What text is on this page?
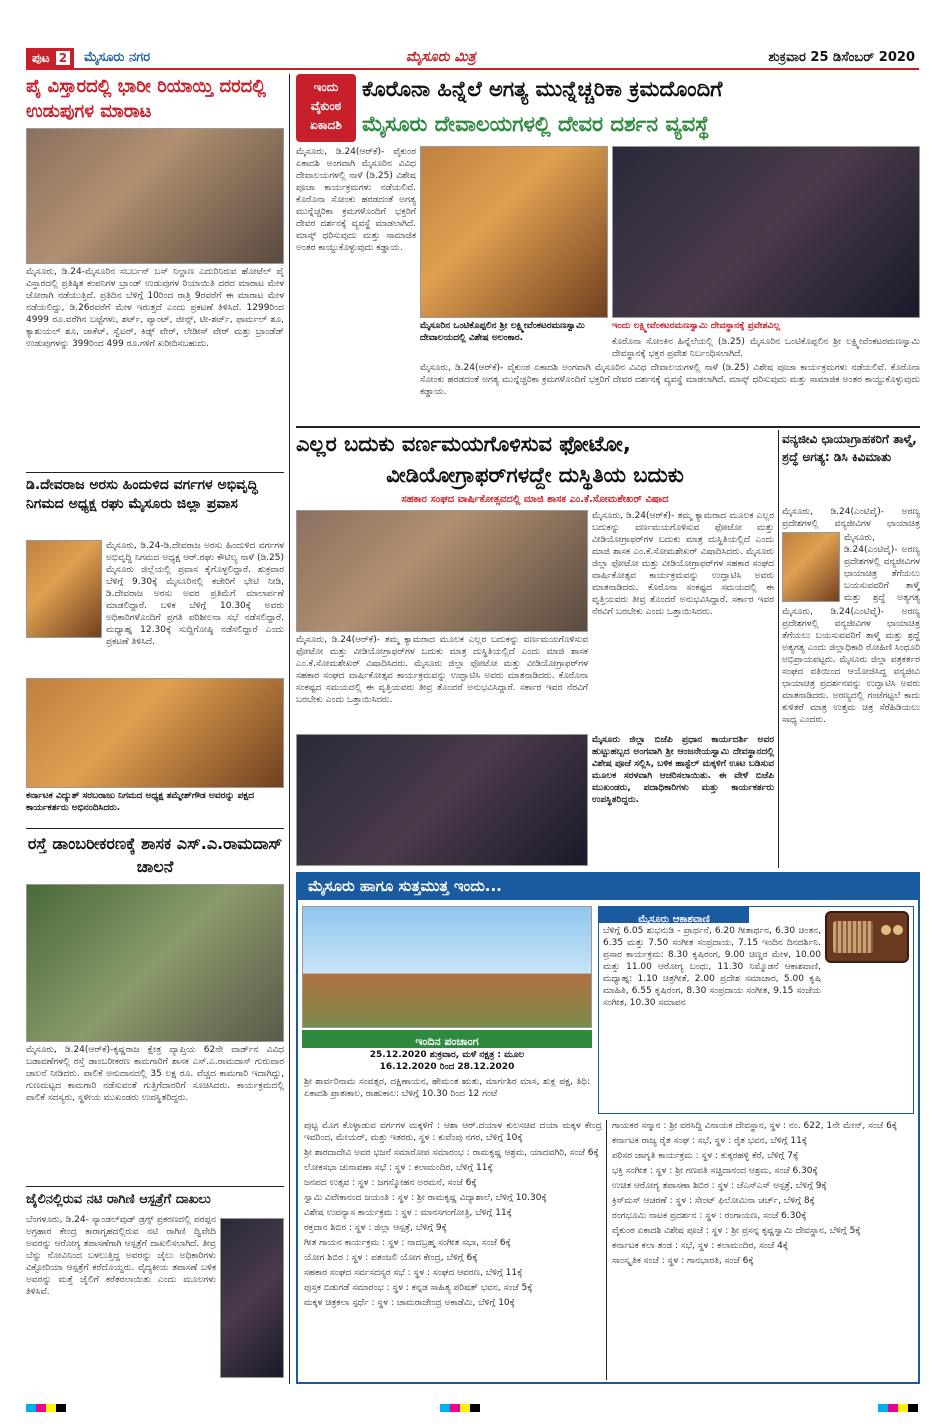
ಪುಟ 2	ಮೈಸೂರು ನಗರ	ಮೈಸೂರು ಮಿತ್ರ	ಶುಕ್ರವಾರ 25 ಡಿಸೆಂಬರ್ 2020
ಪೈ ವಿಸ್ತಾರದಲ್ಲಿ ಭಾರೀ ರಿಯಾಯ್ತಿ ದರದಲ್ಲಿ ಉಡುಪುಗಳ ಮಾರಾಟ
ಮೈಸೂರು, ಡಿ.24-ಮೈಸೂರಿನ ಸಬರ್ಬನ್ ಬಸ್ ನಿಲ್ದಾಣ ಎದುರಿನಿರುವ ಹೋಟೆಲ್ ಪೈ ವಿಸ್ತಾರದಲ್ಲಿ ಪ್ರತಿಷ್ಠಿತ ಕಂಪನಿಗಳ ಬ್ರಾಂಡ್ ಉಡುಪುಗಳ ರಿಯಾಯಿತಿ ದರದ ಮಾರಾಟ ಮೇಳ ಜೋರಾಗಿ ನಡೆಯುತ್ತಿದೆ. ಪ್ರತಿದಿನ ಬೆಳಿಗ್ಗೆ 10ರಿಂದ ರಾತ್ರಿ 9ರವರೆಗೆ ಈ ಮಾರಾಟ ಮೇಳ ನಡೆಯಲಿದ್ದು, ಡಿ.26ರವರೆಗೆ ಮೇಳ ಇರುತ್ತದೆ ಎಂದು ಪ್ರಕಟಣೆ ತಿಳಿಸಿದೆ. 1299ರಿಂದ 4999 ರೂ.ವರೆಗಿನ ಬಟ್ಟೆಗಳು, ಶರ್ಟ್, ಪ್ಯಾಂಟ್, ಜೀನ್ಸ್, ಟೀ-ಶರ್ಟ್, ಫಾರ್ಮಲ್ ಶೂ, ಕ್ಯಾಶುಯಲ್ ಶೂ, ಜಾಕೆಟ್, ಸ್ವೆಟರ್, ಕಿಡ್ಸ್ ವೇರ್, ಲೇಡೀಸ್ ವೇರ್ ಮತ್ತು ಬ್ರಾಂಡೆಡ್ ಉಡುಪುಗಳನ್ನು 399ರಿಂದ 499 ರೂ.ಗಳಿಗೆ ಖರೀದಿಸಬಹುದು.
ಡಿ.ದೇವರಾಜ ಅರಸು ಹಿಂದುಳಿದ ವರ್ಗಗಳ ಅಭಿವೃದ್ಧಿ ನಿಗಮದ ಅಧ್ಯಕ್ಷ ರಘು ಮೈಸೂರು ಜಿಲ್ಲಾ ಪ್ರವಾಸ
ಮೈಸೂರು, ಡಿ.24-ಡಿ.ದೇವರಾಜ ಅರಸು ಹಿಂದುಳಿದ ವರ್ಗಗಳ ಅಭಿವೃದ್ಧಿ ನಿಗಮದ ಅಧ್ಯಕ್ಷ ಆರ್.ರಘು ಕೌಟಿಲ್ಯ ನಾಳೆ (ಡಿ.25) ಮೈಸೂರು ಜಿಲ್ಲೆಯಲ್ಲಿ ಪ್ರವಾಸ ಕೈಗೊಳ್ಳಲಿದ್ದಾರೆ. ಶುಕ್ರವಾರ ಬೆಳಿಗ್ಗೆ 9.30ಕ್ಕೆ ಮೈಸೂರಿನಲ್ಲಿ ಕಚೇರಿಗೆ ಭೇಟಿ ನೀಡಿ, ಡಿ.ದೇವರಾಜ ಅರಸು ಅವರ ಪ್ರತಿಮೆಗೆ ಮಾಲಾರ್ಪಣೆ ಮಾಡಲಿದ್ದಾರೆ. ಬಳಿಕ ಬೆಳಿಗ್ಗೆ 10.30ಕ್ಕೆ ಅವರು ಅಧಿಕಾರಿಗಳೊಂದಿಗೆ ಪ್ರಗತಿ ಪರಿಶೀಲನಾ ಸಭೆ ನಡೆಸಲಿದ್ದಾರೆ. ಮಧ್ಯಾಹ್ನ 12.30ಕ್ಕೆ ಸುದ್ದಿಗೋಷ್ಠಿ ನಡೆಸಲಿದ್ದಾರೆ ಎಂದು ಪ್ರಕಟಣೆ ತಿಳಿಸಿದೆ.
ಕರ್ನಾಟಕ ವಿದ್ಯುತ್ ಸರಬರಾಜು ನಿಗಮದ ಅಧ್ಯಕ್ಷ ತಮ್ಮೇಶ್‌ಗೌಡ ಅವರನ್ನು ಪಕ್ಷದ ಕಾರ್ಯಕರ್ತರು ಅಭಿನಂದಿಸಿದರು.
ರಸ್ತೆ ಡಾಂಬರೀಕರಣಕ್ಕೆ ಶಾಸಕ ಎಸ್.ಎ.ರಾಮದಾಸ್ ಚಾಲನೆ
ಮೈಸೂರು, ಡಿ.24(ಆರ್‌ಕೆ)-ಕೃಷ್ಣರಾಜ ಕ್ಷೇತ್ರ ವ್ಯಾಪ್ತಿಯ 62ನೇ ವಾರ್ಡ್‌ನ ವಿವಿಧ ಬಡಾವಣೆಗಳಲ್ಲಿ ರಸ್ತೆ ಡಾಂಬರೀಕರಣ ಕಾಮಗಾರಿಗೆ ಶಾಸಕ ಎಸ್.ಎ.ರಾಮದಾಸ್ ಗುರುವಾರ ಚಾಲನೆ ನೀಡಿದರು. ಪಾಲಿಕೆ ಅನುದಾನದಲ್ಲಿ 35 ಲಕ್ಷ ರೂ. ವೆಚ್ಚದ ಕಾಮಗಾರಿ ಇದಾಗಿದ್ದು, ಗುಣಮಟ್ಟದ ಕಾಮಗಾರಿ ನಡೆಸುವಂತೆ ಗುತ್ತಿಗೆದಾರರಿಗೆ ಸೂಚಿಸಿದರು. ಕಾರ್ಯಕ್ರಮದಲ್ಲಿ ಪಾಲಿಕೆ ಸದಸ್ಯರು, ಸ್ಥಳೀಯ ಮುಖಂಡರು ಉಪಸ್ಥಿತರಿದ್ದರು.
ಜೈಲಿನಲ್ಲಿರುವ ನಟಿ ರಾಗಿಣಿ ಆಸ್ಪತ್ರೆಗೆ ದಾಖಲು
ಬೆಂಗಳೂರು, ಡಿ.24- ಸ್ಯಾಂಡಲ್‌ವುಡ್ ಡ್ರಗ್ಸ್ ಪ್ರಕರಣದಲ್ಲಿ ಪರಪ್ಪನ ಅಗ್ರಹಾರ ಕೇಂದ್ರ ಕಾರಾಗೃಹದಲ್ಲಿರುವ ನಟಿ ರಾಗಿಣಿ ದ್ವಿವೇದಿ ಅವರನ್ನು ಆರೋಗ್ಯ ತಪಾಸಣೆಗಾಗಿ ಆಸ್ಪತ್ರೆಗೆ ದಾಖಲಿಸಲಾಗಿದೆ. ತೀವ್ರ ಬೆನ್ನು ನೋವಿನಿಂದ ಬಳಲುತ್ತಿದ್ದ ಅವರನ್ನು ಜೈಲು ಅಧಿಕಾರಿಗಳು ವಿಕ್ಟೋರಿಯಾ ಆಸ್ಪತ್ರೆಗೆ ಕರೆದೊಯ್ದರು. ವೈದ್ಯಕೀಯ ತಪಾಸಣೆ ಬಳಿಕ ಅವರನ್ನು ಮತ್ತೆ ಜೈಲಿಗೆ ಕರೆತರಲಾಯಿತು ಎಂದು ಮೂಲಗಳು ತಿಳಿಸಿವೆ.
ಇಂದು ವೈಕುಂಠ ಏಕಾದಶಿ
ಕೊರೊನಾ ಹಿನ್ನೆಲೆ ಅಗತ್ಯ ಮುನ್ನೆಚ್ಚರಿಕಾ ಕ್ರಮದೊಂದಿಗೆ
ಮೈಸೂರು ದೇವಾಲಯಗಳಲ್ಲಿ ದೇವರ ದರ್ಶನ ವ್ಯವಸ್ಥೆ
ಮೈಸೂರು, ಡಿ.24(ಆರ್‌ಕೆ)- ವೈಕುಂಠ ಏಕಾದಶಿ ಅಂಗವಾಗಿ ಮೈಸೂರಿನ ವಿವಿಧ ದೇವಾಲಯಗಳಲ್ಲಿ ನಾಳೆ (ಡಿ.25) ವಿಶೇಷ ಪೂಜಾ ಕಾರ್ಯಕ್ರಮಗಳು ನಡೆಯಲಿವೆ. ಕೊರೊನಾ ಸೋಂಕು ಹರಡದಂತೆ ಅಗತ್ಯ ಮುನ್ನೆಚ್ಚರಿಕಾ ಕ್ರಮಗಳೊಂದಿಗೆ ಭಕ್ತರಿಗೆ ದೇವರ ದರ್ಶನಕ್ಕೆ ವ್ಯವಸ್ಥೆ ಮಾಡಲಾಗಿದೆ. ಮಾಸ್ಕ್ ಧರಿಸುವುದು ಮತ್ತು ಸಾಮಾಜಿಕ ಅಂತರ ಕಾಯ್ದುಕೊಳ್ಳುವುದು ಕಡ್ಡಾಯ.
ಮೈಸೂರಿನ ಒಂಟಿಕೊಪ್ಪಲಿನ ಶ್ರೀ ಲಕ್ಷ್ಮೀವೆಂಕಟರಮಣಸ್ವಾಮಿ ದೇವಾಲಯದಲ್ಲಿ ವಿಶೇಷ ಅಲಂಕಾರ.
ಇಂದು ಲಕ್ಷ್ಮೀವೆಂಕಟರಮಣಸ್ವಾಮಿ ದೇವಸ್ಥಾನಕ್ಕೆ ಪ್ರವೇಶವಿಲ್ಲ
ಕೊರೊನಾ ಸೋಂಕಿನ ಹಿನ್ನೆಲೆಯಲ್ಲಿ (ಡಿ.25) ಮೈಸೂರಿನ ಒಂಟಿಕೊಪ್ಪಲಿನ ಶ್ರೀ ಲಕ್ಷ್ಮೀವೆಂಕಟರಮಣಸ್ವಾಮಿ ದೇವಸ್ಥಾನಕ್ಕೆ ಭಕ್ತರ ಪ್ರವೇಶ ನಿರ್ಬಂಧಿಸಲಾಗಿದೆ.
ಮೈಸೂರು, ಡಿ.24(ಆರ್‌ಕೆ)- ವೈಕುಂಠ ಏಕಾದಶಿ ಅಂಗವಾಗಿ ಮೈಸೂರಿನ ವಿವಿಧ ದೇವಾಲಯಗಳಲ್ಲಿ ನಾಳೆ (ಡಿ.25) ವಿಶೇಷ ಪೂಜಾ ಕಾರ್ಯಕ್ರಮಗಳು ನಡೆಯಲಿವೆ. ಕೊರೊನಾ ಸೋಂಕು ಹರಡದಂತೆ ಅಗತ್ಯ ಮುನ್ನೆಚ್ಚರಿಕಾ ಕ್ರಮಗಳೊಂದಿಗೆ ಭಕ್ತರಿಗೆ ದೇವರ ದರ್ಶನಕ್ಕೆ ವ್ಯವಸ್ಥೆ ಮಾಡಲಾಗಿದೆ. ಮಾಸ್ಕ್ ಧರಿಸುವುದು ಮತ್ತು ಸಾಮಾಜಿಕ ಅಂತರ ಕಾಯ್ದುಕೊಳ್ಳುವುದು ಕಡ್ಡಾಯ.
ಎಲ್ಲರ ಬದುಕು ವರ್ಣಮಯಗೊಳಿಸುವ ಫೋಟೋ,
ವೀಡಿಯೋಗ್ರಾಫರ್‌ಗಳದ್ದೇ ದುಸ್ಥಿತಿಯ ಬದುಕು
ಸಹಕಾರ ಸಂಘದ ವಾರ್ಷಿಕೋತ್ಸವದಲ್ಲಿ ಮಾಜಿ ಶಾಸಕ ಎಂ.ಕೆ.ಸೋಮಶೇಖರ್ ವಿಷಾದ
ಮೈಸೂರು, ಡಿ.24(ಆರ್‌ಕೆ)- ತಮ್ಮ ಕ್ಯಾಮರಾದ ಮೂಲಕ ಎಲ್ಲರ ಬದುಕನ್ನು ವರ್ಣಮಯಗೊಳಿಸುವ ಫೋಟೋ ಮತ್ತು ವೀಡಿಯೋಗ್ರಾಫರ್‌ಗಳ ಬದುಕು ಮಾತ್ರ ದುಸ್ಥಿತಿಯಲ್ಲಿದೆ ಎಂದು ಮಾಜಿ ಶಾಸಕ ಎಂ.ಕೆ.ಸೋಮಶೇಖರ್ ವಿಷಾದಿಸಿದರು. ಮೈಸೂರು ಜಿಲ್ಲಾ ಫೋಟೋ ಮತ್ತು ವೀಡಿಯೋಗ್ರಾಫರ್‌ಗಳ ಸಹಕಾರ ಸಂಘದ ವಾರ್ಷಿಕೋತ್ಸವ ಕಾರ್ಯಕ್ರಮವನ್ನು ಉದ್ಘಾಟಿಸಿ ಅವರು ಮಾತನಾಡಿದರು. ಕೊರೊನಾ ಸಂಕಷ್ಟದ ಸಮಯದಲ್ಲಿ ಈ ವೃತ್ತಿಯವರು ತೀವ್ರ ತೊಂದರೆ ಅನುಭವಿಸಿದ್ದಾರೆ. ಸರ್ಕಾರ ಇವರ ನೆರವಿಗೆ ಬರಬೇಕು ಎಂದು ಒತ್ತಾಯಿಸಿದರು.
ಮೈಸೂರು, ಡಿ.24(ಆರ್‌ಕೆ)- ತಮ್ಮ ಕ್ಯಾಮರಾದ ಮೂಲಕ ಎಲ್ಲರ ಬದುಕನ್ನು ವರ್ಣಮಯಗೊಳಿಸುವ ಫೋಟೋ ಮತ್ತು ವೀಡಿಯೋಗ್ರಾಫರ್‌ಗಳ ಬದುಕು ಮಾತ್ರ ದುಸ್ಥಿತಿಯಲ್ಲಿದೆ ಎಂದು ಮಾಜಿ ಶಾಸಕ ಎಂ.ಕೆ.ಸೋಮಶೇಖರ್ ವಿಷಾದಿಸಿದರು. ಮೈಸೂರು ಜಿಲ್ಲಾ ಫೋಟೋ ಮತ್ತು ವೀಡಿಯೋಗ್ರಾಫರ್‌ಗಳ ಸಹಕಾರ ಸಂಘದ ವಾರ್ಷಿಕೋತ್ಸವ ಕಾರ್ಯಕ್ರಮವನ್ನು ಉದ್ಘಾಟಿಸಿ ಅವರು ಮಾತನಾಡಿದರು. ಕೊರೊನಾ ಸಂಕಷ್ಟದ ಸಮಯದಲ್ಲಿ ಈ ವೃತ್ತಿಯವರು ತೀವ್ರ ತೊಂದರೆ ಅನುಭವಿಸಿದ್ದಾರೆ. ಸರ್ಕಾರ ಇವರ ನೆರವಿಗೆ ಬರಬೇಕು ಎಂದು ಒತ್ತಾಯಿಸಿದರು.
ವನ್ಯಜೀವಿ ಛಾಯಾಗ್ರಾಹಕರಿಗೆ ತಾಳ್ಮೆ, ಶ್ರದ್ಧೆ ಅಗತ್ಯ: ಡಿಸಿ ಕಿವಿಮಾತು
ಮೈಸೂರು, ಡಿ.24(ಎಂಟಿವೈ)- ಅರಣ್ಯ ಪ್ರದೇಶಗಳಲ್ಲಿ ವನ್ಯಜೀವಿಗಳ ಛಾಯಾಚಿತ್ರ
ಮೈಸೂರು, ಡಿ.24(ಎಂಟಿವೈ)- ಅರಣ್ಯ ಪ್ರದೇಶಗಳಲ್ಲಿ ವನ್ಯಜೀವಿಗಳ ಛಾಯಾಚಿತ್ರ ತೆಗೆಯಲು ಬಯಸುವವರಿಗೆ ತಾಳ್ಮೆ ಮತ್ತು ಶ್ರದ್ಧೆ ಅತ್ಯಗತ್ಯ
ಮೈಸೂರು, ಡಿ.24(ಎಂಟಿವೈ)- ಅರಣ್ಯ ಪ್ರದೇಶಗಳಲ್ಲಿ ವನ್ಯಜೀವಿಗಳ ಛಾಯಾಚಿತ್ರ ತೆಗೆಯಲು ಬಯಸುವವರಿಗೆ ತಾಳ್ಮೆ ಮತ್ತು ಶ್ರದ್ಧೆ ಅತ್ಯಗತ್ಯ ಎಂದು ಜಿಲ್ಲಾಧಿಕಾರಿ ರೋಹಿಣಿ ಸಿಂಧೂರಿ ಅಭಿಪ್ರಾಯಪಟ್ಟರು. ಮೈಸೂರು ಜಿಲ್ಲಾ ಪತ್ರಕರ್ತರ ಸಂಘದ ವತಿಯಿಂದ ಆಯೋಜಿಸಿದ್ದ ವನ್ಯಜೀವಿ ಛಾಯಾಚಿತ್ರ ಪ್ರದರ್ಶನವನ್ನು ಉದ್ಘಾಟಿಸಿ ಅವರು ಮಾತನಾಡಿದರು. ಅರಣ್ಯದಲ್ಲಿ ಗಂಟೆಗಟ್ಟಲೆ ಕಾದು ಕುಳಿತರೆ ಮಾತ್ರ ಉತ್ತಮ ಚಿತ್ರ ಸೆರೆಹಿಡಿಯಲು ಸಾಧ್ಯ ಎಂದರು.
ಮೈಸೂರು ಜಿಲ್ಲಾ ಬಿಜೆಪಿ ಪ್ರಧಾನ ಕಾರ್ಯದರ್ಶಿ ಅವರ ಹುಟ್ಟುಹಬ್ಬದ ಅಂಗವಾಗಿ ಶ್ರೀ ಆಂಜನೇಯಸ್ವಾಮಿ ದೇವಸ್ಥಾನದಲ್ಲಿ ವಿಶೇಷ ಪೂಜೆ ಸಲ್ಲಿಸಿ, ಬಳಿಕ ಹಾಸ್ಟೆಲ್ ಮಕ್ಕಳಿಗೆ ಊಟ ಬಡಿಸುವ ಮೂಲಕ ಸರಳವಾಗಿ ಆಚರಿಸಲಾಯಿತು. ಈ ವೇಳೆ ಬಿಜೆಪಿ ಮುಖಂಡರು, ಪದಾಧಿಕಾರಿಗಳು ಮತ್ತು ಕಾರ್ಯಕರ್ತರು ಉಪಸ್ಥಿತರಿದ್ದರು.
ಮೈಸೂರು ಹಾಗೂ ಸುತ್ತಮುತ್ತ ಇಂದು...
ಇಂದಿನ ಪಂಚಾಂಗ
25.12.2020 ಶುಕ್ರವಾರ, ಮಳೆ ನಕ್ಷತ್ರ : ಮೂಲ
16.12.2020 ರಿಂದ 28.12.2020
ಶ್ರೀ ಶಾರ್ವರಿನಾಮ ಸಂವತ್ಸರ, ದಕ್ಷಿಣಾಯನ, ಹೇಮಂತ ಋತು, ಮಾರ್ಗಶಿರ ಮಾಸ, ಶುಕ್ಲ ಪಕ್ಷ, ತಿಥಿ: ಏಕಾದಶಿ ಪ್ರಾತಃಕಾಲ, ರಾಹುಕಾಲ: ಬೆಳಿಗ್ಗೆ 10.30 ರಿಂದ 12 ಗಂಟೆ
ಮೈಸೂರು ಆಕಾಶವಾಣಿ
ಬೆಳಿಗ್ಗೆ 6.05 ಶುಭನುಡಿ - ಪ್ರಾರ್ಥನೆ, 6.20 ಗೀತಾರ್ಥನ, 6.30 ಚಿಂತನ, 6.35 ಮತ್ತು 7.50 ಸಂಗೀತ ಸಂಪ್ರದಾಯ, 7.15 ಇಂದಿನ ದಿನದರ್ಶಿನಿ. ಪ್ರಸಾರ ಕಾರ್ಯಕ್ರಮ: 8.30 ಕೃಷಿರಂಗ, 9.00 ಚಿಣ್ಣರ ಮೇಳ, 10.00 ಮತ್ತು 11.00 ಆರೋಗ್ಯ ಬಂಧು, 11.30 ನಿಮ್ಮೊಡನೆ ಆಕಾಶವಾಣಿ, ಮಧ್ಯಾಹ್ನ: 1.10 ಚಿತ್ರಗೀತೆ, 2.00 ಪ್ರದೇಶ ಸಮಾಚಾರ, 5.00 ಕೃಷಿ ಮಾಹಿತಿ, 6.55 ಕೃಷಿರಂಗ, 8.30 ಸಂಪ್ರದಾಯ ಸಂಗೀತ, 9.15 ಸಂಜೆಯ ಸಂಗೀತ, 10.30 ಸಮಾಪನ
ಪುಟ್ಟ ಮೊಗ ಕೊಳ್ಳಾಡುವ ವರ್ಗಗಳ ಮಕ್ಕಳಿಗೆ : ಆಶಾ ಆರ್.ದಯಾಳ ಕುಲಸಚಿವ ದಯಾ ಮಕ್ಕಳ ಕೇಂದ್ರ ಇವರಿಂದ, ಮೇಯರ್, ಮತ್ತು ಇತರರು, ಸ್ಥಳ : ಕುವೆಂಪು ನಗರ, ಬೆಳಿಗ್ಗೆ 10ಕ್ಕೆ
ಶ್ರೀ ಶಾರದಾದೇವಿ ಅವರ ಭಜನೆ ಸಮಾರೋಪ ಸಮಾರಂಭ : ರಾಮಕೃಷ್ಣ ಆಶ್ರಮ, ಯಾದವಗಿರಿ, ಸಂಜೆ 6ಕ್ಕೆ
ಲೋಕಸಭಾ ಚುನಾವಣಾ ಸಭೆ : ಸ್ಥಳ : ಕಲಾಮಂದಿರ, ಬೆಳಿಗ್ಗೆ 11ಕ್ಕೆ
ಜನಪದ ಉತ್ಸವ : ಸ್ಥಳ : ಜಗನ್ಮೋಹನ ಅರಮನೆ, ಸಂಜೆ 6ಕ್ಕೆ
ಸ್ವಾಮಿ ವಿವೇಕಾನಂದ ಜಯಂತಿ : ಸ್ಥಳ : ಶ್ರೀ ರಾಮಕೃಷ್ಣ ವಿದ್ಯಾಶಾಲೆ, ಬೆಳಿಗ್ಗೆ 10.30ಕ್ಕೆ
ವಿಶೇಷ ಉಪನ್ಯಾಸ ಕಾರ್ಯಕ್ರಮ : ಸ್ಥಳ : ಮಾನಸಗಂಗೋತ್ರಿ, ಬೆಳಿಗ್ಗೆ 11ಕ್ಕೆ
ರಕ್ತದಾನ ಶಿಬಿರ : ಸ್ಥಳ : ಜಿಲ್ಲಾ ಆಸ್ಪತ್ರೆ, ಬೆಳಿಗ್ಗೆ 9ಕ್ಕೆ
ಗೀತ ಗಾಯನ ಕಾರ್ಯಕ್ರಮ : ಸ್ಥಳ : ನಾದಬ್ರಹ್ಮ ಸಂಗೀತ ಸಭಾ, ಸಂಜೆ 6ಕ್ಕೆ
ಯೋಗ ಶಿಬಿರ : ಸ್ಥಳ : ಪತಂಜಲಿ ಯೋಗ ಕೇಂದ್ರ, ಬೆಳಿಗ್ಗೆ 6ಕ್ಕೆ
ಸಹಕಾರ ಸಂಘದ ಸರ್ವಸದಸ್ಯರ ಸಭೆ : ಸ್ಥಳ : ಸಂಘದ ಆವರಣ, ಬೆಳಿಗ್ಗೆ 11ಕ್ಕೆ
ಪುಸ್ತಕ ಬಿಡುಗಡೆ ಸಮಾರಂಭ : ಸ್ಥಳ : ಕನ್ನಡ ಸಾಹಿತ್ಯ ಪರಿಷತ್ ಭವನ, ಸಂಜೆ 5ಕ್ಕೆ
ಮಕ್ಕಳ ಚಿತ್ರಕಲಾ ಸ್ಪರ್ಧೆ : ಸ್ಥಳ : ಚಾಮರಾಜೇಂದ್ರ ಅಕಾಡೆಮಿ, ಬೆಳಿಗ್ಗೆ 10ಕ್ಕೆ
ಗಾಯಕರ ಸನ್ಮಾನ : ಶ್ರೀ ವರಸಿದ್ಧಿ ವಿನಾಯಕ ದೇವಸ್ಥಾನ, ಸ್ಥಳ : ನಂ. 622, 1ನೇ ಮೇನ್, ಸಂಜೆ 6ಕ್ಕೆ
ಕರ್ನಾಟಕ ರಾಜ್ಯ ರೈತ ಸಂಘ : ಸಭೆ, ಸ್ಥಳ : ರೈತ ಭವನ, ಬೆಳಿಗ್ಗೆ 11ಕ್ಕೆ
ಪರಿಸರ ಜಾಗೃತಿ ಕಾರ್ಯಕ್ರಮ : ಸ್ಥಳ : ಕುಕ್ಕರಹಳ್ಳಿ ಕೆರೆ, ಬೆಳಿಗ್ಗೆ 7ಕ್ಕೆ
ಭಕ್ತಿ ಸಂಗೀತ : ಸ್ಥಳ : ಶ್ರೀ ಗಣಪತಿ ಸಚ್ಚಿದಾನಂದ ಆಶ್ರಮ, ಸಂಜೆ 6.30ಕ್ಕೆ
ಉಚಿತ ಆರೋಗ್ಯ ತಪಾಸಣಾ ಶಿಬಿರ : ಸ್ಥಳ : ಜೆಎಸ್‌ಎಸ್ ಆಸ್ಪತ್ರೆ, ಬೆಳಿಗ್ಗೆ 9ಕ್ಕೆ
ಕ್ರಿಸ್‌ಮಸ್ ಆಚರಣೆ : ಸ್ಥಳ : ಸೇಂಟ್ ಫಿಲೋಮಿನಾ ಚರ್ಚ್, ಬೆಳಿಗ್ಗೆ 8ಕ್ಕೆ
ರಂಗಭೂಮಿ ನಾಟಕ ಪ್ರದರ್ಶನ : ಸ್ಥಳ : ರಂಗಾಯಣ, ಸಂಜೆ 6.30ಕ್ಕೆ
ವೈಕುಂಠ ಏಕಾದಶಿ ವಿಶೇಷ ಪೂಜೆ : ಸ್ಥಳ : ಶ್ರೀ ಪ್ರಸನ್ನ ಕೃಷ್ಣಸ್ವಾಮಿ ದೇವಸ್ಥಾನ, ಬೆಳಿಗ್ಗೆ 5ಕ್ಕೆ
ಕರ್ನಾಟಕ ಕಲಾ ತಂಡ : ಸಭೆ, ಸ್ಥಳ : ಕಲಾಮಂದಿರ, ಸಂಜೆ 4ಕ್ಕೆ
ಸಾಂಸ್ಕೃತಿಕ ಸಂಜೆ : ಸ್ಥಳ : ಗಾನಭಾರತಿ, ಸಂಜೆ 6ಕ್ಕೆ
